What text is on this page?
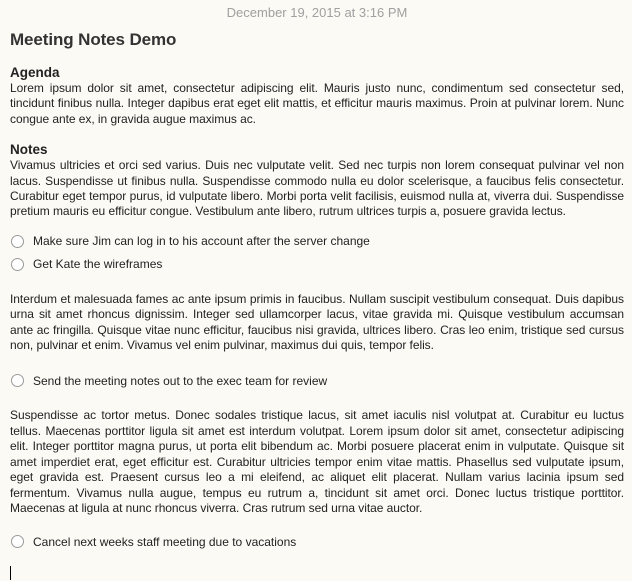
December 19, 2015 at 3:16 PM
Meeting Notes Demo
Agenda

Lorem ipsum dolor sit amet, consectetur adipiscing elit. Mauris justo nunc, condimentum sed consectetur sed, tincidunt finibus nulla. Integer dapibus erat eget elit mattis, et efficitur mauris maximus. Proin at pulvinar lorem. Nunc congue ante ex, in gravida augue maximus ac.

Notes

Vivamus ultricies et orci sed varius. Duis nec vulputate velit. Sed nec turpis non lorem consequat pulvinar vel non lacus. Suspendisse ut finibus nulla. Suspendisse commodo nulla eu dolor scelerisque, a faucibus felis consectetur. Curabitur eget tempor purus, id vulputate libero. Morbi porta velit facilisis, euismod nulla at, viverra dui. Suspendisse pretium mauris eu efficitur congue. Vestibulum ante libero, rutrum ultrices turpis a, posuere gravida lectus.

Make sure Jim can log in to his account after the server change
Get Kate the wireframes

Interdum et malesuada fames ac ante ipsum primis in faucibus. Nullam suscipit vestibulum consequat. Duis dapibus urna sit amet rhoncus dignissim. Integer sed ullamcorper lacus, vitae gravida mi. Quisque vestibulum accumsan ante ac fringilla. Quisque vitae nunc efficitur, faucibus nisi gravida, ultrices libero. Cras leo enim, tristique sed cursus non, pulvinar et enim. Vivamus vel enim pulvinar, maximus dui quis, tempor felis.

Send the meeting notes out to the exec team for review

Suspendisse ac tortor metus. Donec sodales tristique lacus, sit amet iaculis nisl volutpat at. Curabitur eu luctus tellus. Maecenas porttitor ligula sit amet est interdum volutpat. Lorem ipsum dolor sit amet, consectetur adipiscing elit. Integer porttitor magna purus, ut porta elit bibendum ac. Morbi posuere placerat enim in vulputate. Quisque sit amet imperdiet erat, eget efficitur est. Curabitur ultricies tempor enim vitae mattis. Phasellus sed vulputate ipsum, eget gravida est. Praesent cursus leo a mi eleifend, ac aliquet elit placerat. Nullam varius lacinia ipsum sed fermentum. Vivamus nulla augue, tempus eu rutrum a, tincidunt sit amet orci. Donec luctus tristique porttitor. Maecenas at ligula at nunc rhoncus viverra. Cras rutrum sed urna vitae auctor.

Cancel next weeks staff meeting due to vacations
